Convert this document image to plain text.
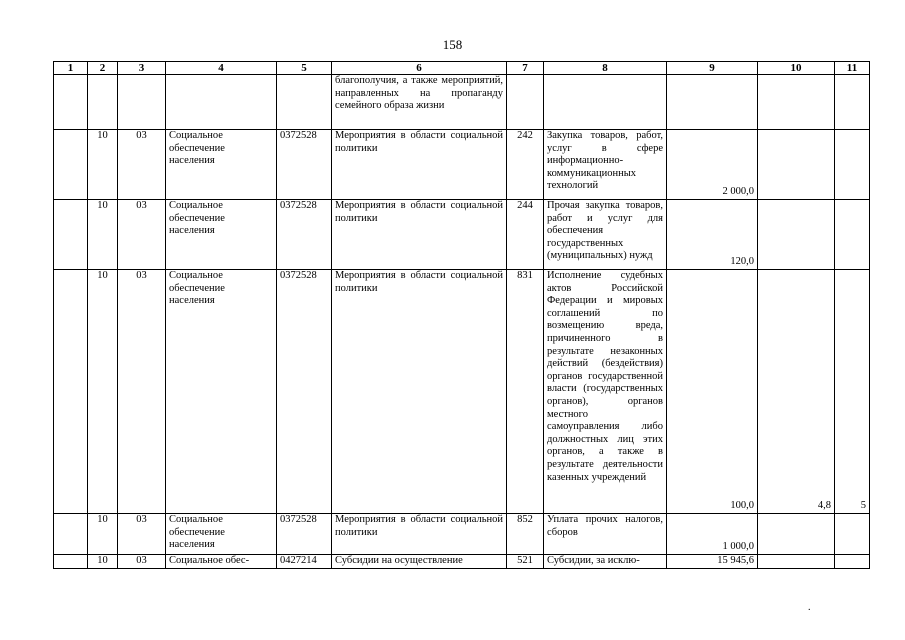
158
1	2	3	4	5	6	7	8	9	10	11
					благополучия, а также мероприятий, направленных на пропаганду семейного образа жизни					
	10	03	Социальное обеспечение населения	0372528	Мероприятия в области социальной политики	242	Закупка товаров, работ, услуг в сфере информационно-коммуникационных технологий	2 000,0		
	10	03	Социальное обеспечение населения	0372528	Мероприятия в области социальной политики	244	Прочая закупка товаров, работ и услуг для обеспечения государственных (муниципальных) нужд	120,0		
	10	03	Социальное обеспечение населения	0372528	Мероприятия в области социальной политики	831	Исполнение судебных актов Российской Федерации и мировых соглашений по возмещению вреда, причиненного в результате незаконных действий (бездействия) органов государственной власти (государственных органов), органов местного самоуправления либо должностных лиц этих органов, а также в результате деятельности казенных учреждений	100,0	4,8	5
	10	03	Социальное обеспечение населения	0372528	Мероприятия в области социальной политики	852	Уплата прочих налогов, сборов	1 000,0		
	10	03	Социальное обес-	0427214	Субсидии на осуществление	521	Субсидии, за исклю-	15 945,6		
.
